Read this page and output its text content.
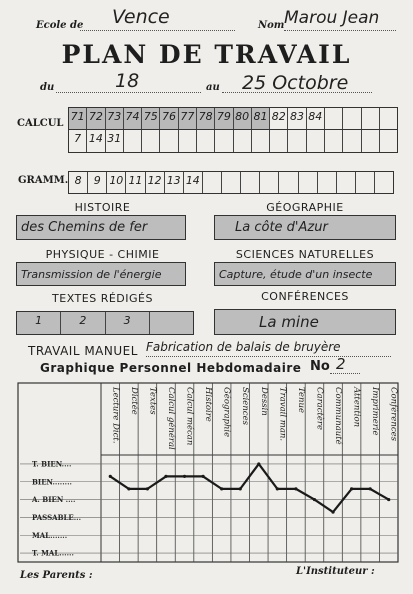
Ecole de Vence	Nom Marou Jean
PLAN DE TRAVAIL
du	18	au 25 Octobre
CALCUL
71 72 73 74 75 76 77 78 79 80 81 82 83 84
7 14 31
GRAMM. 8	9 10 11 12 13 14
HISTOIRE
des Chemins de fer
GÉOGRAPHIE
La côte d'Azur
PHYSIQUE - CHIMIE
Transmission de l'énergie
SCIENCES NATURELLES
Capture, étude d'un insecte
TEXTES RÉDIGÉS
1	2	3
CONFÉRENCES
La mine
TRAVAIL MANUEL Fabrication de balais de bruyère
Graphique Personnel Hebdomadaire No 2
Lecture Dict. Dictée Textes Calcul général Calcul mécan Histoire Géographie Sciences Dessin Travail man. Tenue Caractère Communauté Attention Imprimerie Conférences
T. BIEN....
BIEN........
A. BIEN ....
PASSABLE...
MAL.......
T. MAL......
Les Parents :	L'Instituteur :
